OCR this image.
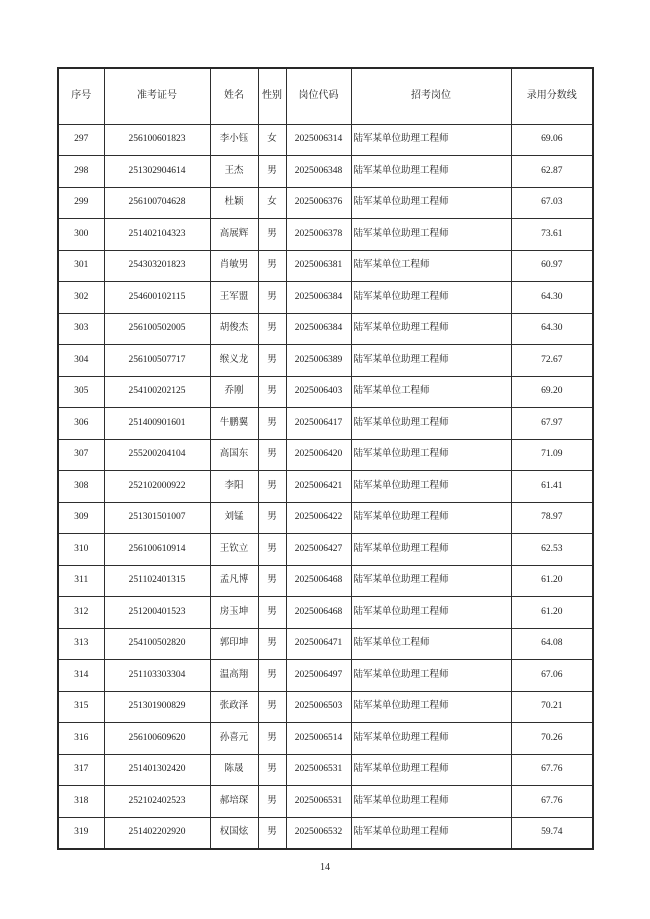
序号	准考证号	姓名	性别	岗位代码	招考岗位	录用分数线
297	256100601823	李小钰	女	2025006314	陆军某单位助理工程师	69.06
298	251302904614	王杰	男	2025006348	陆军某单位助理工程师	62.87
299	256100704628	杜颖	女	2025006376	陆军某单位助理工程师	67.03
300	251402104323	高展辉	男	2025006378	陆军某单位助理工程师	73.61
301	254303201823	肖敏男	男	2025006381	陆军某单位工程师	60.97
302	254600102115	王军盟	男	2025006384	陆军某单位助理工程师	64.30
303	256100502005	胡俊杰	男	2025006384	陆军某单位助理工程师	64.30
304	256100507717	缑义龙	男	2025006389	陆军某单位助理工程师	72.67
305	254100202125	乔刚	男	2025006403	陆军某单位工程师	69.20
306	251400901601	牛鹏翼	男	2025006417	陆军某单位助理工程师	67.97
307	255200204104	高国东	男	2025006420	陆军某单位助理工程师	71.09
308	252102000922	李阳	男	2025006421	陆军某单位助理工程师	61.41
309	251301501007	刘锰	男	2025006422	陆军某单位助理工程师	78.97
310	256100610914	王钦立	男	2025006427	陆军某单位助理工程师	62.53
311	251102401315	孟凡博	男	2025006468	陆军某单位助理工程师	61.20
312	251200401523	房玉坤	男	2025006468	陆军某单位助理工程师	61.20
313	254100502820	郭印坤	男	2025006471	陆军某单位工程师	64.08
314	251103303304	温高翔	男	2025006497	陆军某单位助理工程师	67.06
315	251301900829	张政泽	男	2025006503	陆军某单位助理工程师	70.21
316	256100609620	孙喜元	男	2025006514	陆军某单位助理工程师	70.26
317	251401302420	陈晟	男	2025006531	陆军某单位助理工程师	67.76
318	252102402523	郝培琛	男	2025006531	陆军某单位助理工程师	67.76
319	251402202920	权国炫	男	2025006532	陆军某单位助理工程师	59.74
14
